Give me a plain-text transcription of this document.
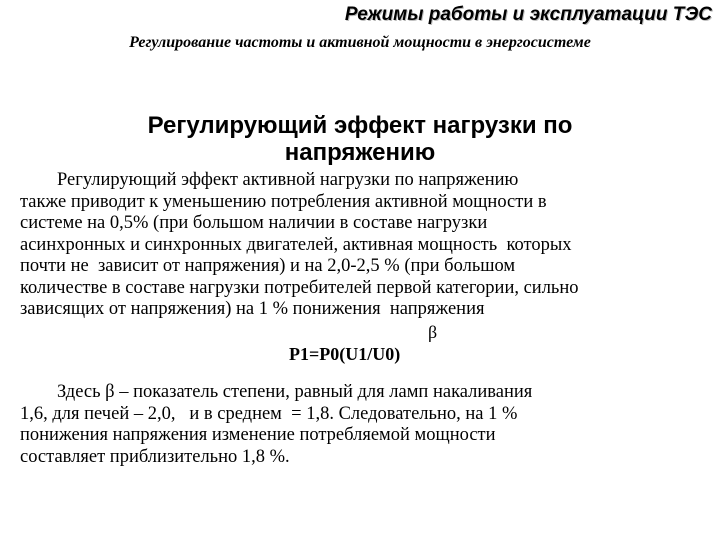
Режимы работы и эксплуатации ТЭС
Регулирование частоты и активной мощности в энергосистеме
Регулирующий эффект нагрузки по
напряжению
Регулирующий эффект активной нагрузки по напряжению
также приводит к уменьшению потребления активной мощности в
системе на 0,5% (при большом наличии в составе нагрузки
асинхронных и синхронных двигателей, активная мощность  которых
почти не  зависит от напряжения) и на 2,0-2,5 % (при большом
количестве в составе нагрузки потребителей первой категории, сильно
зависящих от напряжения) на 1 % понижения  напряжения
β
P1=P0(U1/U0)
Здесь β – показатель степени, равный для ламп накаливания
1,6, для печей – 2,0,   и в среднем  = 1,8. Следовательно, на 1 %
понижения напряжения изменение потребляемой мощности
составляет приблизительно 1,8 %.
